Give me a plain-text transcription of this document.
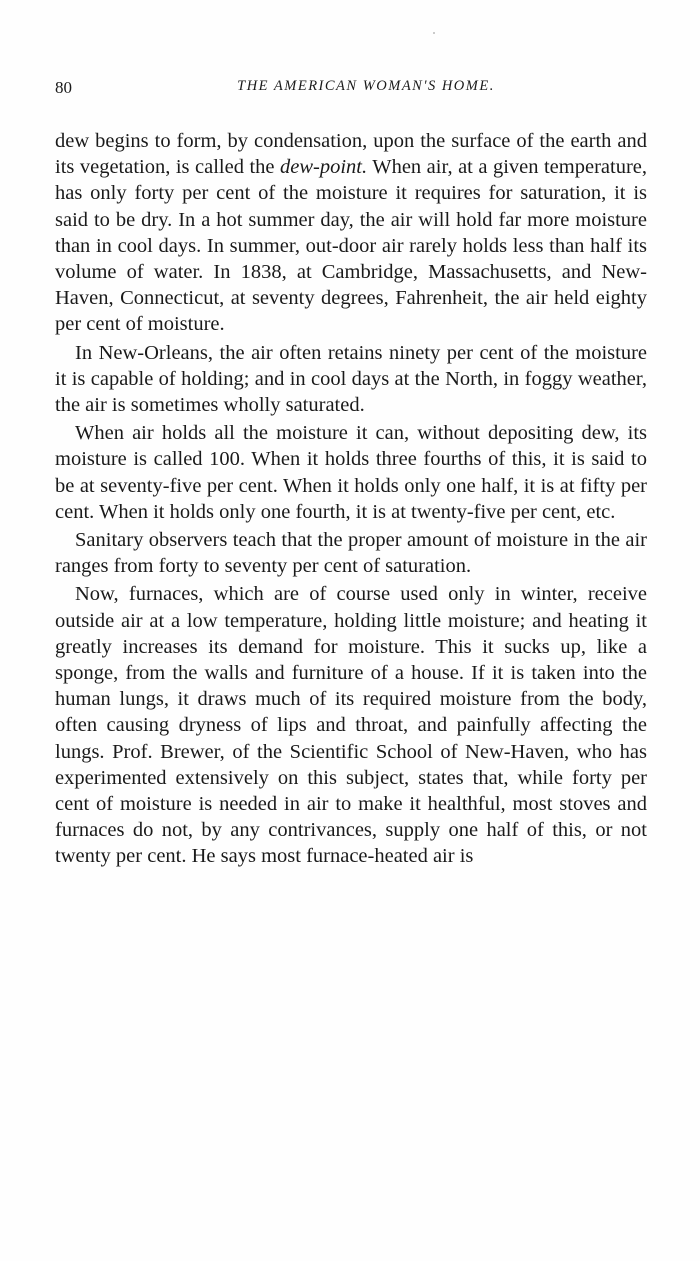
80	THE AMERICAN WOMAN'S HOME.

dew begins to form, by condensation, upon the surface of the earth and its vegetation, is called the dew-point. When air, at a given temperature, has only forty per cent of the moisture it requires for saturation, it is said to be dry. In a hot summer day, the air will hold far more moisture than in cool days. In summer, out-door air rarely holds less than half its volume of water. In 1838, at Cambridge, Massachusetts, and New-Haven, Connecticut, at seventy degrees, Fahrenheit, the air held eighty per cent of moisture.

In New-Orleans, the air often retains ninety per cent of the moisture it is capable of holding; and in cool days at the North, in foggy weather, the air is sometimes wholly saturated.

When air holds all the moisture it can, without depositing dew, its moisture is called 100. When it holds three fourths of this, it is said to be at seventy-five per cent. When it holds only one half, it is at fifty per cent. When it holds only one fourth, it is at twenty-five per cent, etc.

Sanitary observers teach that the proper amount of moisture in the air ranges from forty to seventy per cent of saturation.

Now, furnaces, which are of course used only in winter, receive outside air at a low temperature, holding little moisture; and heating it greatly increases its demand for moisture. This it sucks up, like a sponge, from the walls and furniture of a house. If it is taken into the human lungs, it draws much of its required moisture from the body, often causing dryness of lips and throat, and painfully affecting the lungs. Prof. Brewer, of the Scientific School of New-Haven, who has experimented extensively on this subject, states that, while forty per cent of moisture is needed in air to make it healthful, most stoves and furnaces do not, by any contrivances, supply one half of this, or not twenty per cent. He says most furnace-heated air is
